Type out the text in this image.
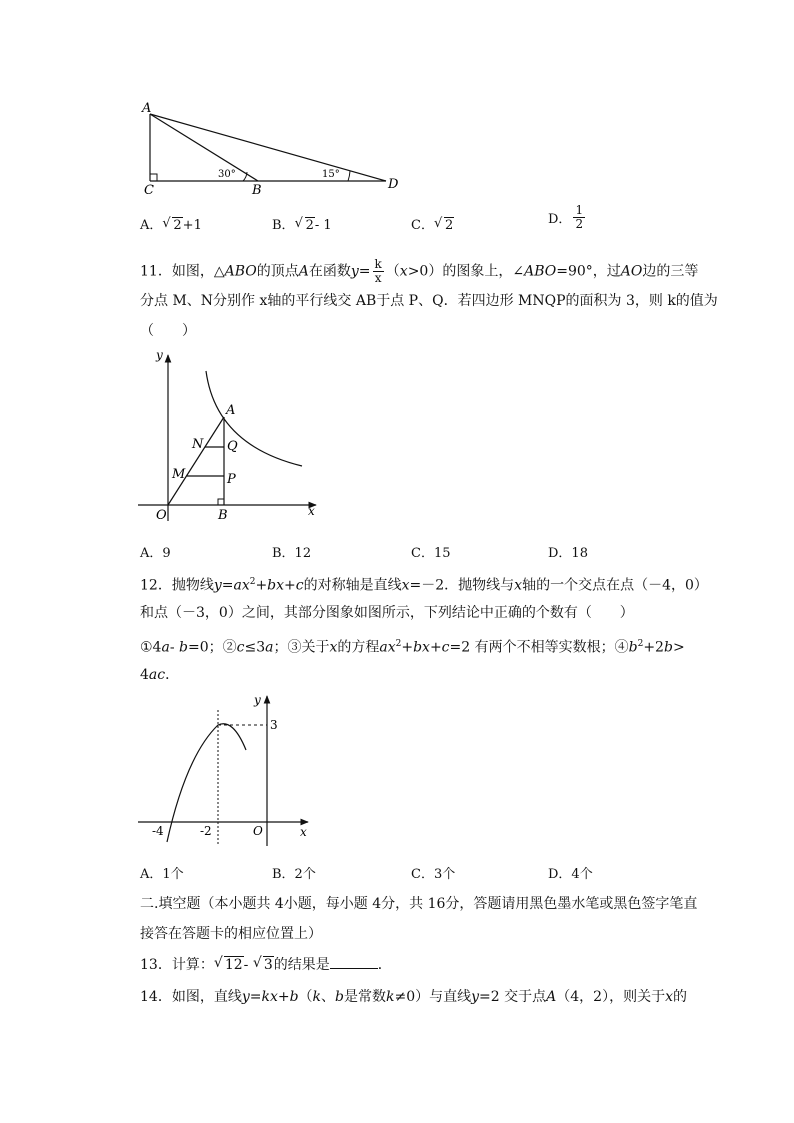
A
C	B	D
30°	15°
A． √ 2+1	B． √ 2- 1	C． √ 2	D． $\frac{1}{2}$
11．如图，△ABO的顶点A在函数$y= \frac{k}{x} (x>0)$的图象上，∠ABO=90°，过AO边的三等
分点 M、N分别作 x轴的平行线交 AB于点 P、Q．若四边形 MNQP的面积为 3，则 k的值为
（　　）
y
x
O
A
B
N Q
M	P
A．9	B．12	C．15	D．18
12．抛物线$y=ax^2+bx+c$的对称轴是直线x=－2．抛物线与x轴的一个交点在点（－4，0）
和点（－3，0）之间，其部分图象如图所示，下列结论中正确的个数有（　　）
①4a- b=0；②c≤3a；③关于x的方程$ax^2+bx+c=2$ 有两个不相等实数根；$④b^2+2b>$
4ac．
y
x
O
3
-4	-2
A．1个	B．2个	C．3个	D．4个
二.填空题（本小题共 4小题，每小题 4分，共 16分，答题请用黑色墨水笔或黑色签字笔直
接答在答题卡的相应位置上）
13．计算： √ 12- √ 3的结果是	．
14．如图，直线y=kx+b（k、b是常数k≠0）与直线y=2 交于点A（4，2），则关于x的
